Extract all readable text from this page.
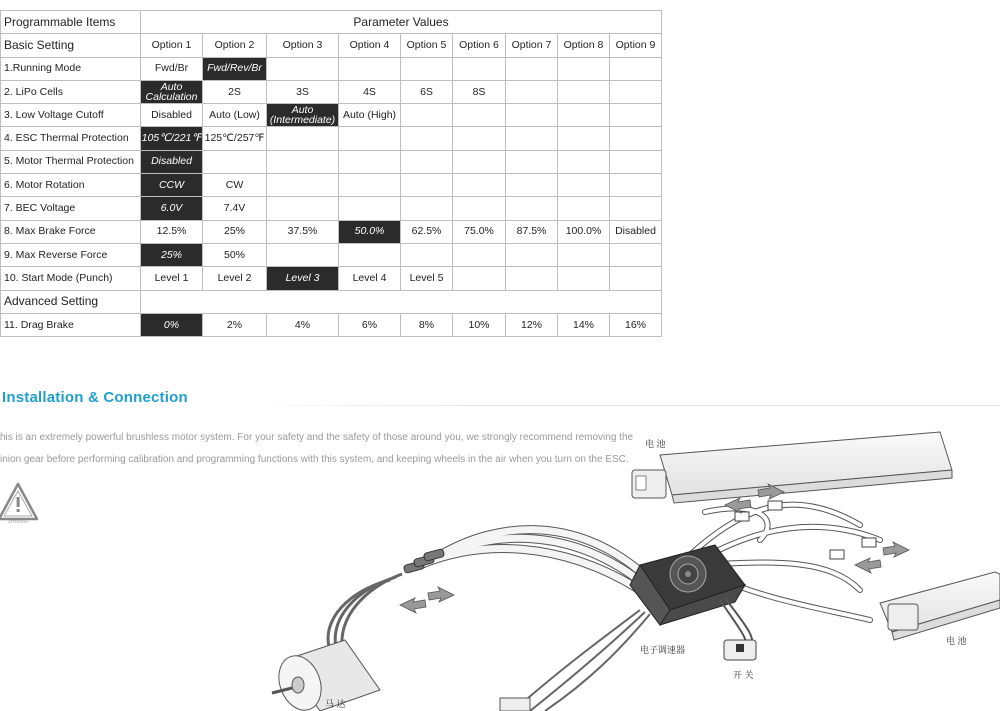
Programmable Items	Parameter Values								
Basic Setting	Option 1	Option 2	Option 3	Option 4	Option 5	Option 6	Option 7	Option 8	Option 9
1.Running Mode	Fwd/Br	Fwd/Rev/Br							
2. LiPo Cells	Auto Calculation	2S	3S	4S	6S	8S			
3. Low Voltage Cutoff	Disabled	Auto (Low)	Auto (Intermediate)	Auto (High)					
4. ESC Thermal Protection	105℃/221℉	125℃/257℉							
5. Motor Thermal Protection	Disabled								
6. Motor Rotation	CCW	CW							
7. BEC Voltage	6.0V	7.4V							
8. Max Brake Force	12.5%	25%	37.5%	50.0%	62.5%	75.0%	87.5%	100.0%	Disabled
9. Max Reverse Force	25%	50%							
10. Start Mode (Punch)	Level 1	Level 2	Level 3	Level 4	Level 5				
Advanced Setting									
11. Drag Brake	0%	2%	4%	6%	8%	10%	12%	14%	16%
Installation & Connection
his is an extremely powerful brushless motor system. For your safety and the safety of those around you, we strongly recommend removing the
inion gear before performing calibration and programming functions with this system, and keeping wheels in the air when you turn on the ESC.
ATTENTION
电 池
电 池
电子调速器
开 关
马 达
